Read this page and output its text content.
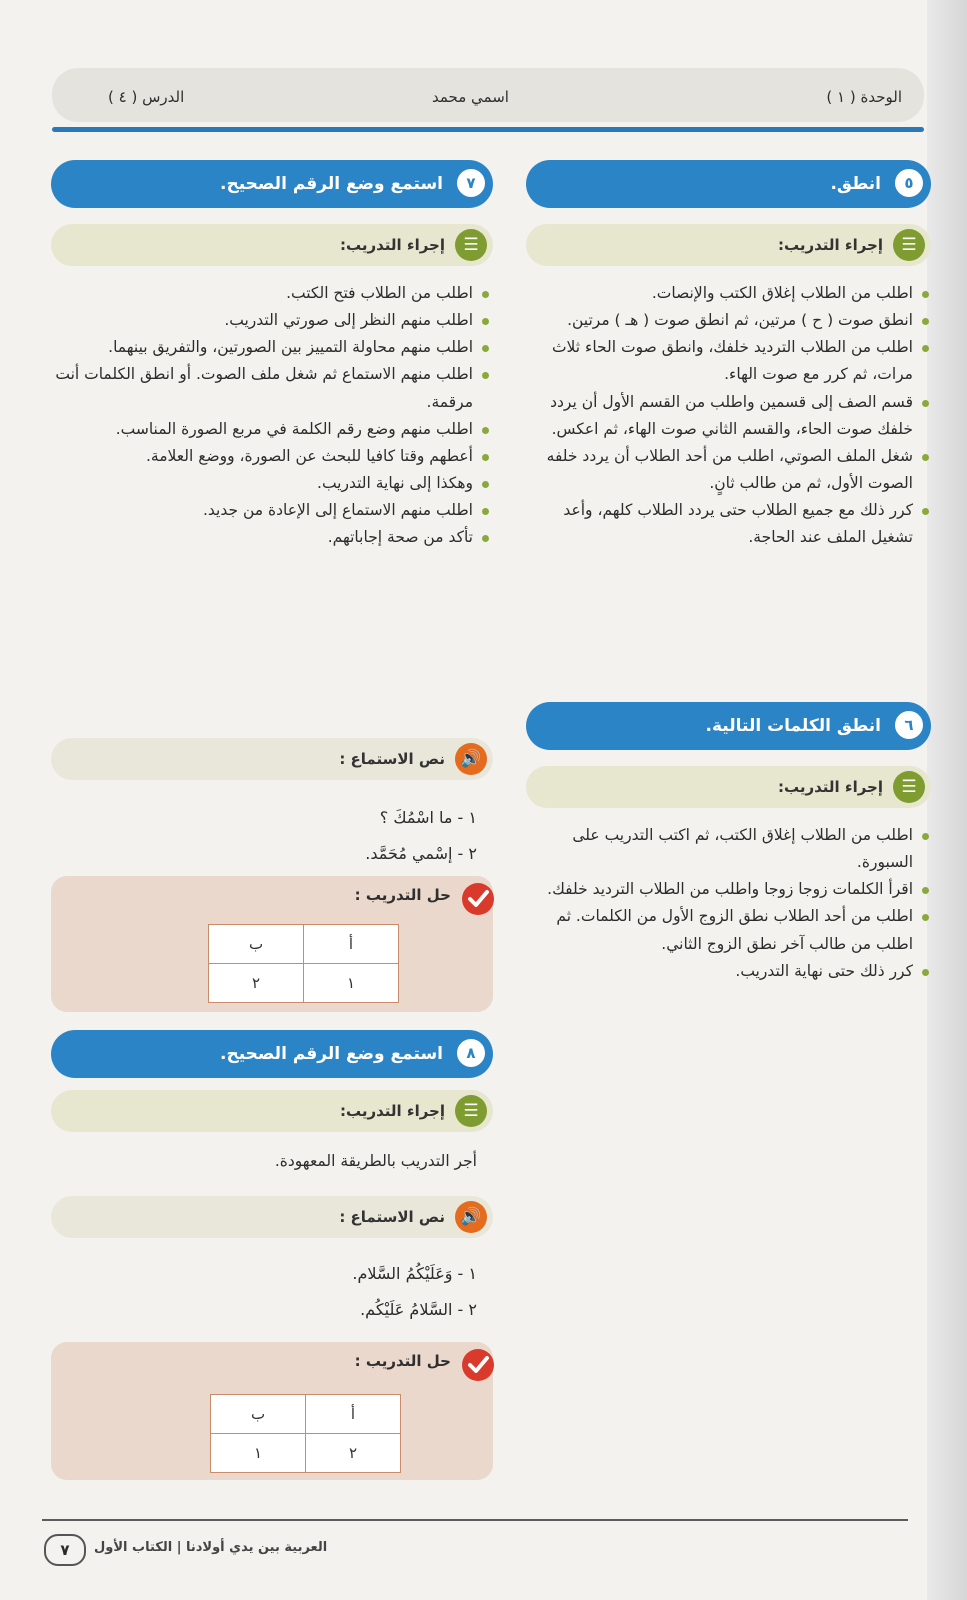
الوحدة ( ١ )
اسمي محمد
الدرس ( ٤ )
٥
انطق.
☰
إجراء التدريب:
اطلب من الطلاب إغلاق الكتب والإنصات.
انطق صوت ( ح ) مرتين، ثم انطق صوت ( هـ ) مرتين.
اطلب من الطلاب الترديد خلفك، وانطق صوت الحاء ثلاث مرات، ثم كرر مع صوت الهاء.
قسم الصف إلى قسمين واطلب من القسم الأول أن يردد خلفك صوت الحاء، والقسم الثاني صوت الهاء، ثم اعكس.
شغل الملف الصوتي، اطلب من أحد الطلاب أن يردد خلفه الصوت الأول، ثم من طالب ثانٍ.
كرر ذلك مع جميع الطلاب حتى يردد الطلاب كلهم، وأعد تشغيل الملف عند الحاجة.
٦
انطق الكلمات التالية.
☰
إجراء التدريب:
اطلب من الطلاب إغلاق الكتب، ثم اكتب التدريب على السبورة.
اقرأ الكلمات زوجا زوجا واطلب من الطلاب الترديد خلفك.
اطلب من أحد الطلاب نطق الزوج الأول من الكلمات. ثم اطلب من طالب آخر نطق الزوج الثاني.
كرر ذلك حتى نهاية التدريب.
٧
استمع وضع الرقم الصحيح.
☰
إجراء التدريب:
اطلب من الطلاب فتح الكتب.
اطلب منهم النظر إلى صورتي التدريب.
اطلب منهم محاولة التمييز بين الصورتين، والتفريق بينهما.
اطلب منهم الاستماع ثم شغل ملف الصوت. أو انطق الكلمات أنت مرقمة.
اطلب منهم وضع رقم الكلمة في مربع الصورة المناسب.
أعطهم وقتا كافيا للبحث عن الصورة، ووضع العلامة.
وهكذا إلى نهاية التدريب.
اطلب منهم الاستماع إلى الإعادة من جديد.
تأكد من صحة إجاباتهم.
🔊
نص الاستماع :
١ - ما اسْمُكَ ؟
٢ - إسْمي مُحَمَّد.
حل التدريب :
أ	ب
١	٢
٨
استمع وضع الرقم الصحيح.
☰
إجراء التدريب:
أجر التدريب بالطريقة المعهودة.
🔊
نص الاستماع :
١ - وَعَلَيْكُمُ السَّلام.
٢ - السَّلامُ عَلَيْكُم.
حل التدريب :
أ	ب
٢	١
٧	العربية بين يدي أولادنا | الكتاب الأول
